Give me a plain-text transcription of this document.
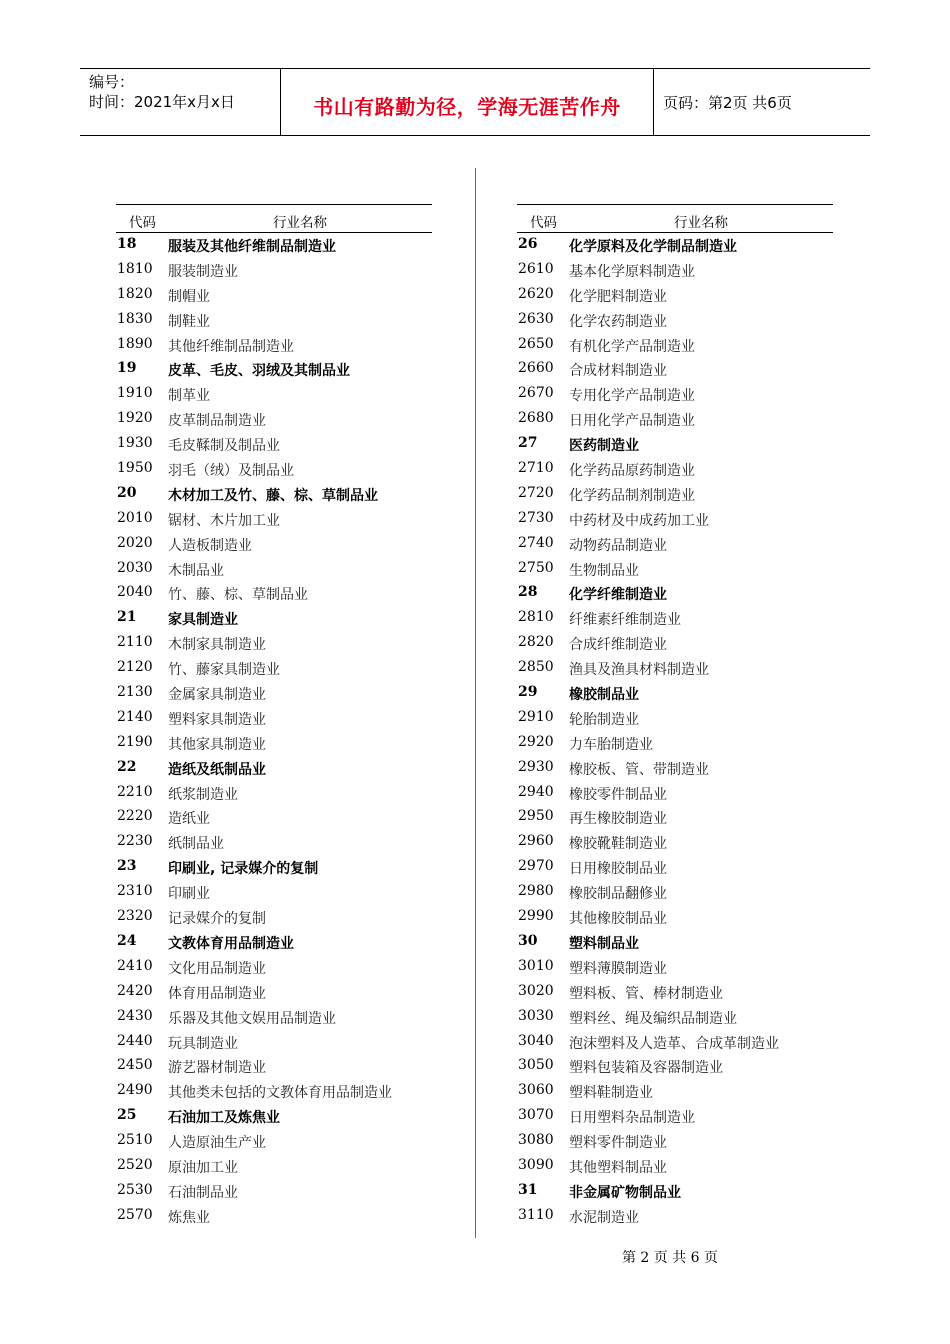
编号：
时间：2021年x月x日	书山有路勤为径，学海无涯苦作舟	页码：第2页 共6页
代码	行业名称
18	服装及其他纤维制品制造业
1810	服装制造业
1820	制帽业
1830	制鞋业
1890	其他纤维制品制造业
19	皮革、毛皮、羽绒及其制品业
1910	制革业
1920	皮革制品制造业
1930	毛皮鞣制及制品业
1950	羽毛（绒）及制品业
20	木材加工及竹、藤、棕、草制品业
2010	锯材、木片加工业
2020	人造板制造业
2030	木制品业
2040	竹、藤、棕、草制品业
21	家具制造业
2110	木制家具制造业
2120	竹、藤家具制造业
2130	金属家具制造业
2140	塑料家具制造业
2190	其他家具制造业
22	造纸及纸制品业
2210	纸浆制造业
2220	造纸业
2230	纸制品业
23	印刷业, 记录媒介的复制
2310	印刷业
2320	记录媒介的复制
24	文教体育用品制造业
2410	文化用品制造业
2420	体育用品制造业
2430	乐器及其他文娱用品制造业
2440	玩具制造业
2450	游艺器材制造业
2490	其他类未包括的文教体育用品制造业
25	石油加工及炼焦业
2510	人造原油生产业
2520	原油加工业
2530	石油制品业
2570	炼焦业
代码	行业名称
26	化学原料及化学制品制造业
2610	基本化学原料制造业
2620	化学肥料制造业
2630	化学农药制造业
2650	有机化学产品制造业
2660	合成材料制造业
2670	专用化学产品制造业
2680	日用化学产品制造业
27	医药制造业
2710	化学药品原药制造业
2720	化学药品制剂制造业
2730	中药材及中成药加工业
2740	动物药品制造业
2750	生物制品业
28	化学纤维制造业
2810	纤维素纤维制造业
2820	合成纤维制造业
2850	渔具及渔具材料制造业
29	橡胶制品业
2910	轮胎制造业
2920	力车胎制造业
2930	橡胶板、管、带制造业
2940	橡胶零件制品业
2950	再生橡胶制造业
2960	橡胶靴鞋制造业
2970	日用橡胶制品业
2980	橡胶制品翻修业
2990	其他橡胶制品业
30	塑料制品业
3010	塑料薄膜制造业
3020	塑料板、管、棒材制造业
3030	塑料丝、绳及编织品制造业
3040	泡沫塑料及人造革、合成革制造业
3050	塑料包装箱及容器制造业
3060	塑料鞋制造业
3070	日用塑料杂品制造业
3080	塑料零件制造业
3090	其他塑料制品业
31	非金属矿物制品业
3110	水泥制造业
第 2 页 共 6 页
